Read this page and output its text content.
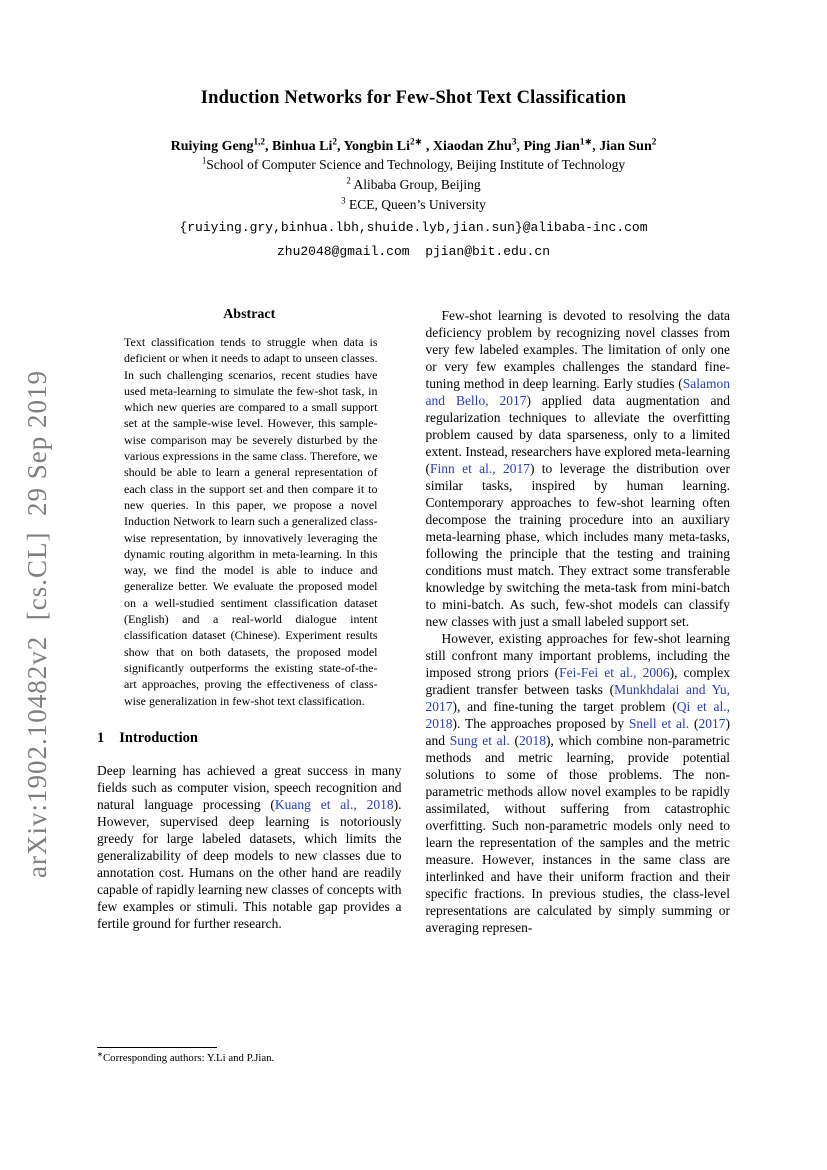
arXiv:1902.10482v2  [cs.CL]  29 Sep 2019
Induction Networks for Few-Shot Text Classification
Ruiying Geng$^{1,2}$, Binhua Li$^2$, Yongbin $Li^{2∗}$ , Xiaodan Zhu$^3$, Ping Jian$^{1∗}$, Jian Sun$^2$
$^1$School of Computer Science and Technology, Beijing Institute of Technology
$^2$ Alibaba Group, Beijing
$^3$ ECE, Queen’s University
{ruiying.gry,binhua.lbh,shuide.lyb,jian.sun}@alibaba-inc.com
zhu2048@gmail.com  pjian@bit.edu.cn
Abstract

Text classification tends to struggle when data is deficient or when it needs to adapt to unseen classes. In such challenging scenarios, recent studies have used meta-learning to simulate the few-shot task, in which new queries are compared to a small support set at the sample-wise level. However, this sample-wise comparison may be severely disturbed by the various expressions in the same class. Therefore, we should be able to learn a general representation of each class in the support set and then compare it to new queries. In this paper, we propose a novel Induction Network to learn such a generalized class-wise representation, by innovatively leveraging the dynamic routing algorithm in meta-learning. In this way, we find the model is able to induce and generalize better. We evaluate the proposed model on a well-studied sentiment classification dataset (English) and a real-world dialogue intent classification dataset (Chinese). Experiment results show that on both datasets, the proposed model significantly outperforms the existing state-of-the-art approaches, proving the effectiveness of class-wise generalization in few-shot text classification.

1 Introduction

Deep learning has achieved a great success in many fields such as computer vision, speech recognition and natural language processing (Kuang et al., 2018). However, supervised deep learning is notoriously greedy for large labeled datasets, which limits the generalizability of deep models to new classes due to annotation cost. Humans on the other hand are readily capable of rapidly learning new classes of concepts with few examples or stimuli. This notable gap provides a fertile ground for further research.

∗Corresponding authors: Y.Li and P.Jian.

Few-shot learning is devoted to resolving the data deficiency problem by recognizing novel classes from very few labeled examples. The limitation of only one or very few examples challenges the standard fine-tuning method in deep learning. Early studies (Salamon and Bello, 2017) applied data augmentation and regularization techniques to alleviate the overfitting problem caused by data sparseness, only to a limited extent. Instead, researchers have explored meta-learning (Finn et al., 2017) to leverage the distribution over similar tasks, inspired by human learning. Contemporary approaches to few-shot learning often decompose the training procedure into an auxiliary meta-learning phase, which includes many meta-tasks, following the principle that the testing and training conditions must match. They extract some transferable knowledge by switching the meta-task from mini-batch to mini-batch. As such, few-shot models can classify new classes with just a small labeled support set.

However, existing approaches for few-shot learning still confront many important problems, including the imposed strong priors (Fei-Fei et al., 2006), complex gradient transfer between tasks (Munkhdalai and Yu, 2017), and fine-tuning the target problem (Qi et al., 2018). The approaches proposed by Snell et al. (2017) and Sung et al. (2018), which combine non-parametric methods and metric learning, provide potential solutions to some of those problems. The non-parametric methods allow novel examples to be rapidly assimilated, without suffering from catastrophic overfitting. Such non-parametric models only need to learn the representation of the samples and the metric measure. However, instances in the same class are interlinked and have their uniform fraction and their specific fractions. In previous studies, the class-level representations are calculated by simply summing or averaging represen-
